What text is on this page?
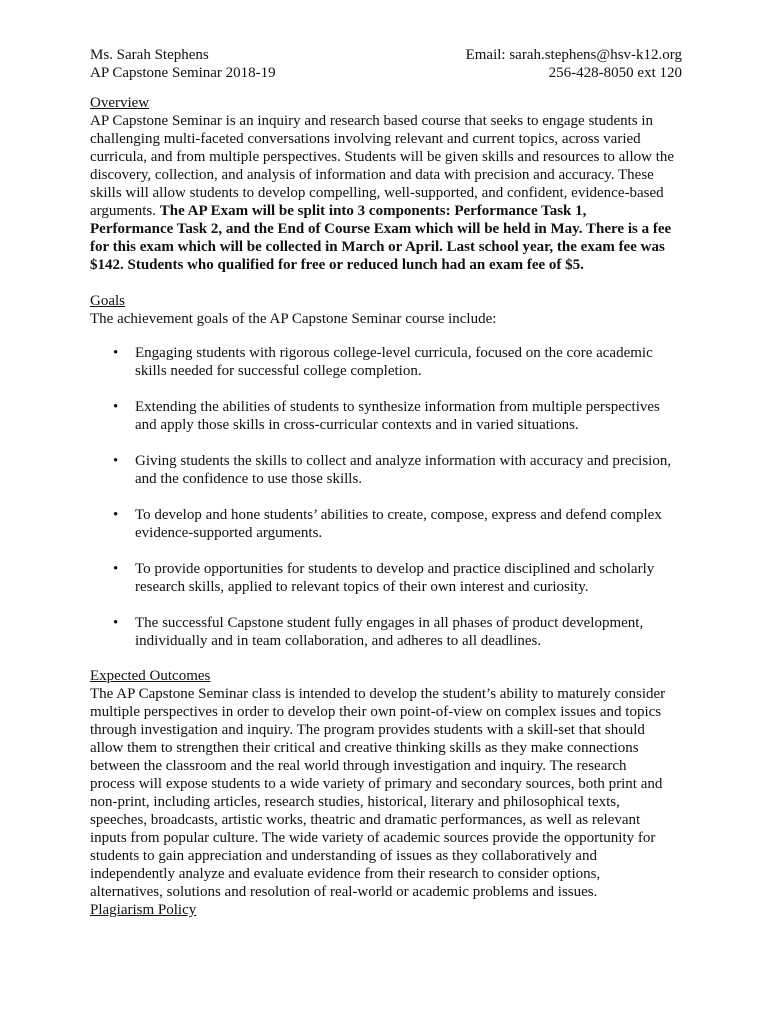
Ms. Sarah Stephens
AP Capstone Seminar 2018-19
Email: sarah.stephens@hsv-k12.org
256-428-8050 ext 120
Overview

AP Capstone Seminar is an inquiry and research based course that seeks to engage students in
challenging multi-faceted conversations involving relevant and current topics, across varied
curricula, and from multiple perspectives. Students will be given skills and resources to allow the
discovery, collection, and analysis of information and data with precision and accuracy. These
skills will allow students to develop compelling, well-supported, and confident, evidence-based
arguments. The AP Exam will be split into 3 components: Performance Task 1,
Performance Task 2, and the End of Course Exam which will be held in May. There is a fee
for this exam which will be collected in March or April. Last school year, the exam fee was
$142. Students who qualified for free or reduced lunch had an exam fee of $5.

Goals
The achievement goals of the AP Capstone Seminar course include:
• Engaging students with rigorous college-level curricula, focused on the core academic
skills needed for successful college completion.
• Extending the abilities of students to synthesize information from multiple perspectives
and apply those skills in cross-curricular contexts and in varied situations.
• Giving students the skills to collect and analyze information with accuracy and precision,
and the confidence to use those skills.
• To develop and hone students’ abilities to create, compose, express and defend complex
evidence-supported arguments.
• To provide opportunities for students to develop and practice disciplined and scholarly
research skills, applied to relevant topics of their own interest and curiosity.
• The successful Capstone student fully engages in all phases of product development,
individually and in team collaboration, and adheres to all deadlines.
Expected Outcomes

The AP Capstone Seminar class is intended to develop the student’s ability to maturely consider
multiple perspectives in order to develop their own point-of-view on complex issues and topics
through investigation and inquiry. The program provides students with a skill-set that should
allow them to strengthen their critical and creative thinking skills as they make connections
between the classroom and the real world through investigation and inquiry. The research
process will expose students to a wide variety of primary and secondary sources, both print and
non-print, including articles, research studies, historical, literary and philosophical texts,
speeches, broadcasts, artistic works, theatric and dramatic performances, as well as relevant
inputs from popular culture. The wide variety of academic sources provide the opportunity for
students to gain appreciation and understanding of issues as they collaboratively and
independently analyze and evaluate evidence from their research to consider options,
alternatives, solutions and resolution of real-world or academic problems and issues.

Plagiarism Policy
